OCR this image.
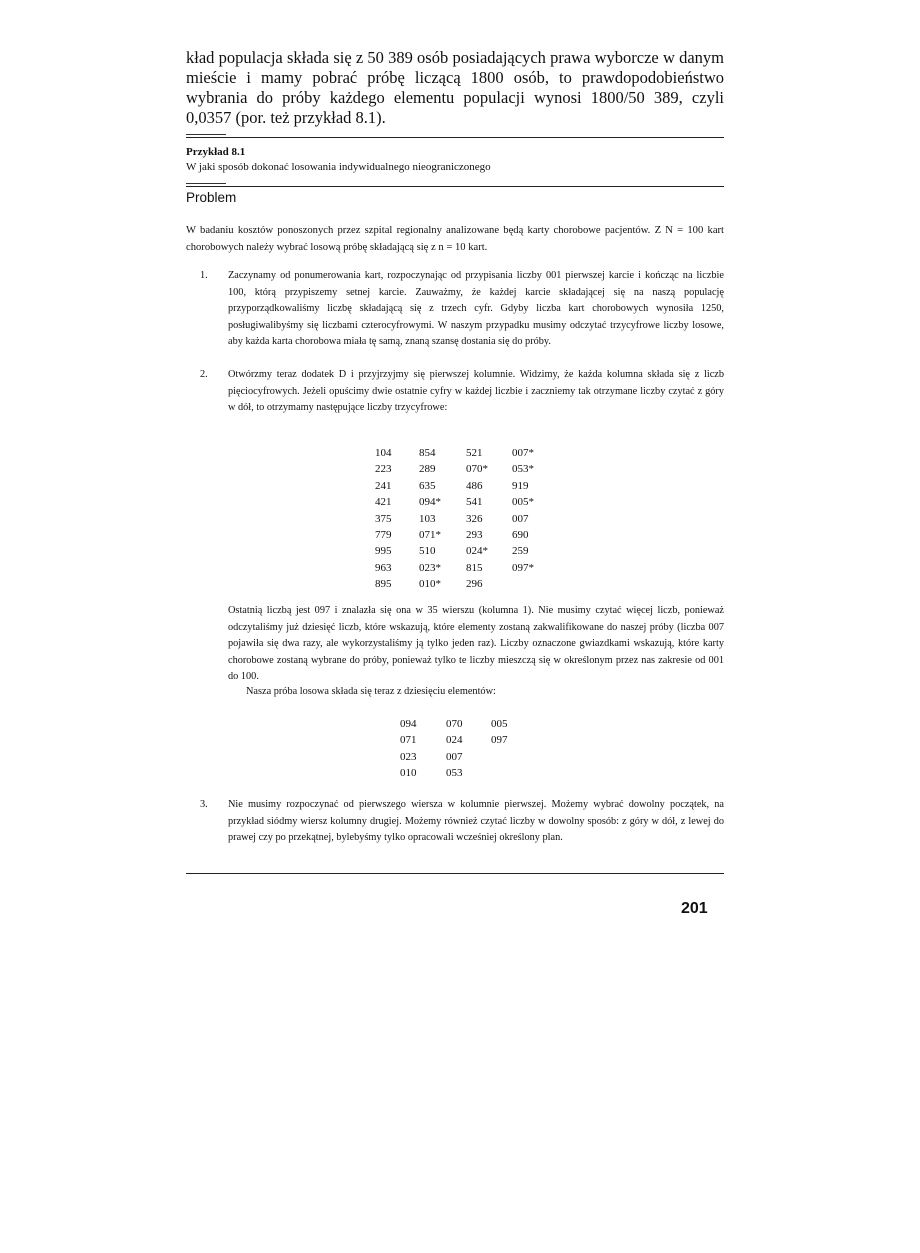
kład populacja składa się z 50 389 osób posiadających prawa wyborcze w danym mieście i mamy pobrać próbę liczącą 1800 osób, to prawdopodobieństwo wybrania do próby każdego elementu populacji wynosi 1800/50 389, czyli 0,0357 (por. też przykład 8.1).
Przykład 8.1
W jaki sposób dokonać losowania indywidualnego nieograniczonego
Problem
W badaniu kosztów ponoszonych przez szpital regionalny analizowane będą karty chorobowe pacjentów. Z N = 100 kart chorobowych należy wybrać losową próbę składającą się z n = 10 kart.
1. Zaczynamy od ponumerowania kart, rozpoczynając od przypisania liczby 001 pierwszej karcie i kończąc na liczbie 100, którą przypiszemy setnej karcie. Zauważmy, że każdej karcie składającej się na naszą populację przyporządkowaliśmy liczbę składającą się z trzech cyfr. Gdyby liczba kart chorobowych wynosiła 1250, posługiwalibyśmy się liczbami czterocyfrowymi. W naszym przypadku musimy odczytać trzycyfrowe liczby losowe, aby każda karta chorobowa miała tę samą, znaną szansę dostania się do próby.
2. Otwórzmy teraz dodatek D i przyjrzyjmy się pierwszej kolumnie. Widzimy, że każda kolumna składa się z liczb pięciocyfrowych. Jeżeli opuścimy dwie ostatnie cyfry w każdej liczbie i zaczniemy tak otrzymane liczby czytać z góry w dół, to otrzymamy następujące liczby trzycyfrowe:
104	854	521	007*
223	289	070* 053*
241	635	486	919
421	094* 541	005*
375	103	326	007
779	071* 293	690
995	510	024* 259
963	023* 815	097*
895	010* 296
Ostatnią liczbą jest 097 i znalazła się ona w 35 wierszu (kolumna 1). Nie musimy czytać więcej liczb, ponieważ odczytaliśmy już dziesięć liczb, które wskazują, które elementy zostaną zakwalifikowane do naszej próby (liczba 007 pojawiła się dwa razy, ale wykorzystaliśmy ją tylko jeden raz). Liczby oznaczone gwiazdkami wskazują, które karty chorobowe zostaną wybrane do próby, ponieważ tylko te liczby mieszczą się w określonym przez nas zakresie od 001 do 100.
Nasza próba losowa składa się teraz z dziesięciu elementów:
094	070	005
071	024	097
023	007
010	053
3. Nie musimy rozpoczynać od pierwszego wiersza w kolumnie pierwszej. Możemy wybrać dowolny początek, na przykład siódmy wiersz kolumny drugiej. Możemy również czytać liczby w dowolny sposób: z góry w dół, z lewej do prawej czy po przekątnej, bylebyśmy tylko opracowali wcześniej określony plan.
201
